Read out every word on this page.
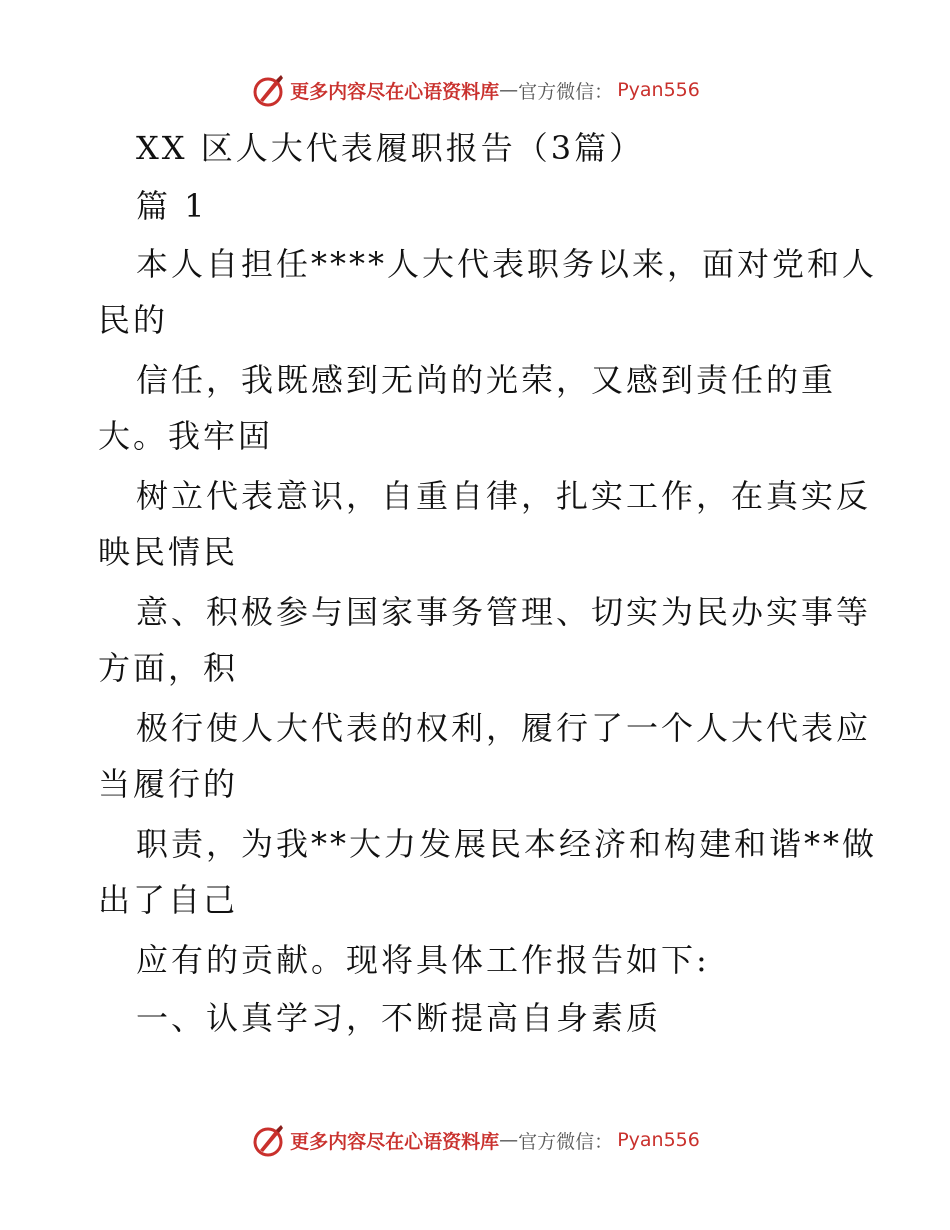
更多内容尽在心语资料库 — 官方微信： Pyan556
XX 区人大代表履职报告（3篇）
篇 1
本人自担任****人大代表职务以来，面对党和人
民的
信任，我既感到无尚的光荣，又感到责任的重
大。我牢固
树立代表意识，自重自律，扎实工作，在真实反
映民情民
意、积极参与国家事务管理、切实为民办实事等
方面，积
极行使人大代表的权利，履行了一个人大代表应
当履行的
职责，为我**大力发展民本经济和构建和谐**做
出了自己
应有的贡献。现将具体工作报告如下:
一、认真学习，不断提高自身素质
更多内容尽在心语资料库 — 官方微信： Pyan556
